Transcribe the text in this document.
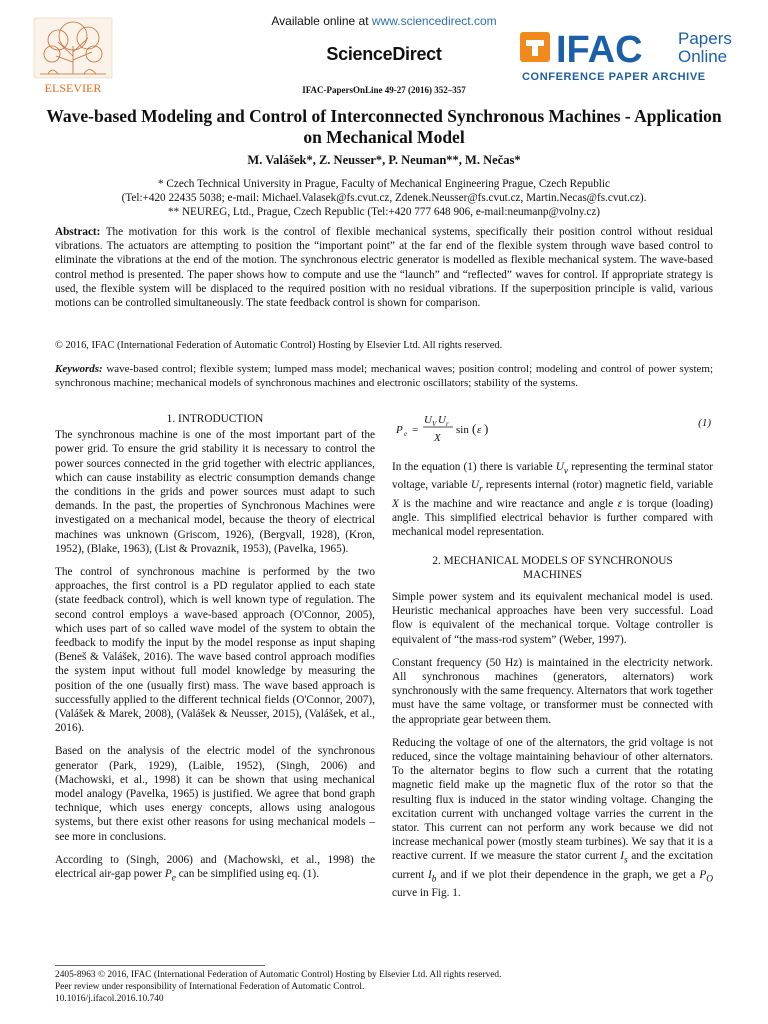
ELSEVIER
Available online at www.sciencedirect.com
ScienceDirect
IFAC-PapersOnLine 49-27 (2016) 352–357
IFAC Papers
Online
CONFERENCE PAPER ARCHIVE
Wave-based Modeling and Control of Interconnected Synchronous Machines - Application on Mechanical Model
M. Valášek*, Z. Neusser*, P. Neuman**, M. Nečas*
* Czech Technical University in Prague, Faculty of Mechanical Engineering Prague, Czech Republic
(Tel:+420 22435 5038; e-mail: Michael.Valasek@fs.cvut.cz, Zdenek.Neusser@fs.cvut.cz, Martin.Necas@fs.cvut.cz).
** NEUREG, Ltd., Prague, Czech Republic (Tel:+420 777 648 906, e-mail:neumanp@volny.cz)
Abstract: The motivation for this work is the control of flexible mechanical systems, specifically their position control without residual vibrations. The actuators are attempting to position the “important point” at the far end of the flexible system through wave based control to eliminate the vibrations at the end of the motion. The synchronous electric generator is modelled as flexible mechanical system. The wave-based control method is presented. The paper shows how to compute and use the “launch” and “reflected” waves for control. If appropriate strategy is used, the flexible system will be displaced to the required position with no residual vibrations. If the superposition principle is valid, various motions can be controlled simultaneously. The state feedback control is shown for comparison.
© 2016, IFAC (International Federation of Automatic Control) Hosting by Elsevier Ltd. All rights reserved.
Keywords: wave-based control; flexible system; lumped mass model; mechanical waves; position control; modeling and control of power system; synchronous machine; mechanical models of synchronous machines and electronic oscillators; stability of the systems.
1. INTRODUCTION

The synchronous machine is one of the most important part of the power grid. To ensure the grid stability it is necessary to control the power sources connected in the grid together with electric appliances, which can cause instability as electric consumption demands change the conditions in the grids and power sources must adapt to such demands. In the past, the properties of Synchronous Machines were investigated on a mechanical model, because the theory of electrical machines was unknown (Griscom, 1926), (Bergvall, 1928), (Kron, 1952), (Blake, 1963), (List & Provaznik, 1953), (Pavelka, 1965).

The control of synchronous machine is performed by the two approaches, the first control is a PD regulator applied to each state (state feedback control), which is well known type of regulation. The second control employs a wave-based approach (O'Connor, 2005), which uses part of so called wave model of the system to obtain the feedback to modify the input by the model response as input shaping (Beneš & Valášek, 2016). The wave based control approach modifies the system input without full model knowledge by measuring the position of the one (usually first) mass. The wave based approach is successfully applied to the different technical fields (O'Connor, 2007), (Valášek & Marek, 2008), (Valášek & Neusser, 2015), (Valášek, et al., 2016).

Based on the analysis of the electric model of the synchronous generator (Park, 1929), (Laible, 1952), (Singh, 2006) and (Machowski, et al., 1998) it can be shown that using mechanical model analogy (Pavelka, 1965) is justified. We agree that bond graph technique, which uses energy concepts, allows using analogous systems, but there exist other reasons for using mechanical models – see more in conclusions.

According to (Singh, 2006) and (Machowski, et al., 1998) the electrical air-gap power $P_e$ can be simplified using eq. (1).

P e =
U V U r
X
sin ( ε )	(1)

In the equation (1) there is variable $U_v$ representing the terminal stator voltage, variable $U_r$ represents internal (rotor) magnetic field, variable X is the machine and wire reactance and angle ε is torque (loading) angle. This simplified electrical behavior is further compared with mechanical model representation.

2. MECHANICAL MODELS OF SYNCHRONOUS
MACHINES

Simple power system and its equivalent mechanical model is used. Heuristic mechanical approaches have been very successful. Load flow is equivalent of the mechanical torque. Voltage controller is equivalent of “the mass-rod system” (Weber, 1997).

Constant frequency (50 Hz) is maintained in the electricity network. All synchronous machines (generators, alternators) work synchronously with the same frequency. Alternators that work together must have the same voltage, or transformer must be connected with the appropriate gear between them.

Reducing the voltage of one of the alternators, the grid voltage is not reduced, since the voltage maintaining behaviour of other alternators. To the alternator begins to flow such a current that the rotating magnetic field make up the magnetic flux of the rotor so that the resulting flux is induced in the stator winding voltage. Changing the excitation current with unchanged voltage varries the current in the stator. This current can not perform any work because we did not increase mechanical power (mostly steam turbines). We say that it is a reactive current. If we measure the stator current $I_s$ and the excitation current $I_b$ and if we plot their dependence in the graph, we get a $P_O$ curve in Fig. 1.

2405-8963 © 2016, IFAC (International Federation of Automatic Control) Hosting by Elsevier Ltd. All rights reserved.
Peer review under responsibility of International Federation of Automatic Control.
10.1016/j.ifacol.2016.10.740
